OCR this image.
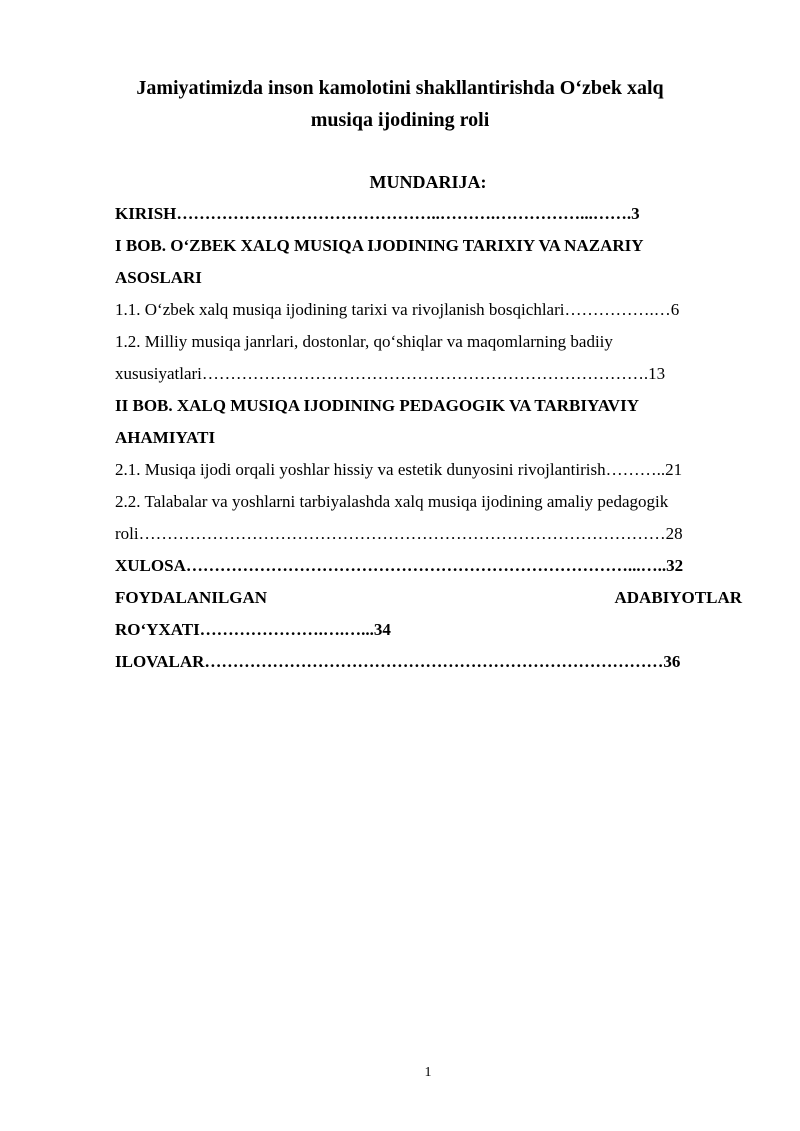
Jamiyatimizda inson kamolotini shakllantirishda O‘zbek xalq
musiqa ijodining roli
MUNDARIJA:
KIRISH………………………………………..……….……………...…….3
I BOB. O‘ZBEK XALQ MUSIQA IJODINING TARIXIY VA NAZARIY
ASOSLARI
1.1. O‘zbek xalq musiqa ijodining tarixi va rivojlanish bosqichlari…………….…6
1.2. Milliy musiqa janrlari, dostonlar, qo‘shiqlar va maqomlarning badiiy
xususiyatlari…………………………………………………………………….13
II BOB. XALQ MUSIQA IJODINING PEDAGOGIK VA TARBIYAVIY
AHAMIYATI
2.1. Musiqa ijodi orqali yoshlar hissiy va estetik dunyosini rivojlantirish………..21
2.2. Talabalar va yoshlarni tarbiyalashda xalq musiqa ijodining amaliy pedagogik
roli…………………………………………………………………………………28
XULOSA……………………………………………………………………...…..32
FOYDALANILGAN ADABIYOTLAR
RO‘YXATI………………….….…...34
ILOVALAR………………………………………………………………………36
1
